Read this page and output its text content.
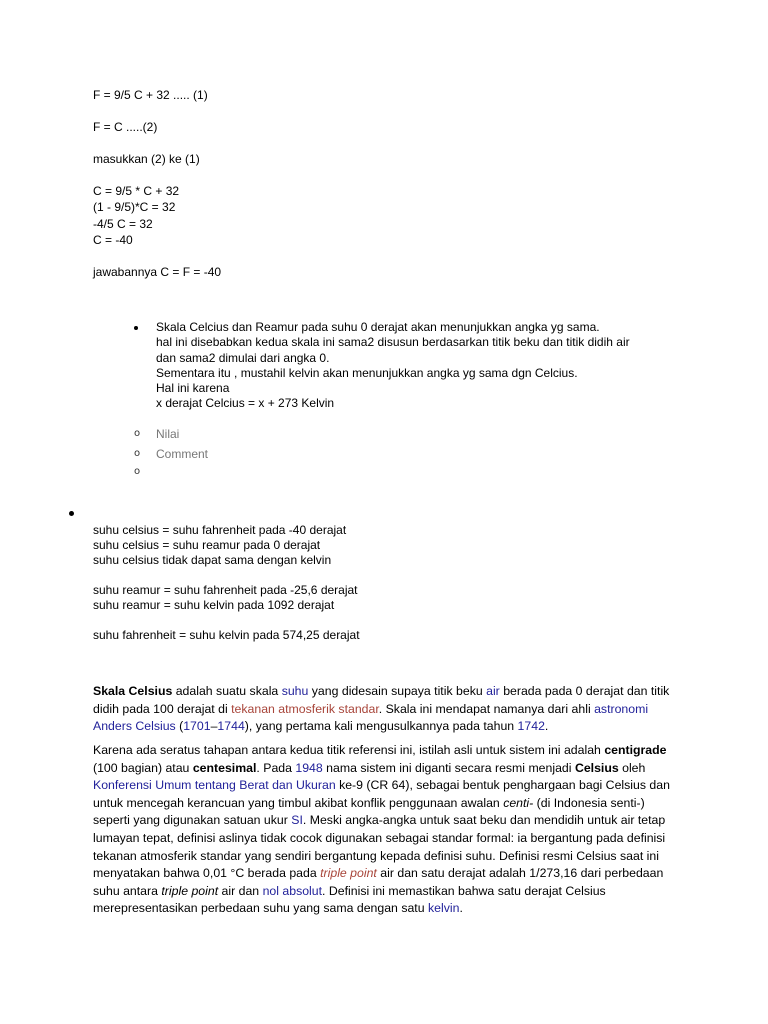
F = 9/5 C + 32 ..... (1)
F = C .....(2)
masukkan (2) ke (1)
C = 9/5 * C + 32
(1 - 9/5)*C = 32
-4/5 C = 32
C = -40
jawabannya C = F = -40
Skala Celcius dan Reamur pada suhu 0 derajat akan menunjukkan angka yg sama.
hal ini disebabkan kedua skala ini sama2 disusun berdasarkan titik beku dan titik didih air
dan sama2 dimulai dari angka 0.
Sementara itu , mustahil kelvin akan menunjukkan angka yg sama dgn Celcius.
Hal ini karena
x derajat Celcius = x + 273 Kelvin
o Nilai
o Comment
o
suhu celsius = suhu fahrenheit pada -40 derajat
suhu celsius = suhu reamur pada 0 derajat
suhu celsius tidak dapat sama dengan kelvin
suhu reamur = suhu fahrenheit pada -25,6 derajat
suhu reamur = suhu kelvin pada 1092 derajat
suhu fahrenheit = suhu kelvin pada 574,25 derajat
Skala Celsius adalah suatu skala suhu yang didesain supaya titik beku air berada pada 0 derajat dan titik didih pada 100 derajat di tekanan atmosferik standar. Skala ini mendapat namanya dari ahli astronomi Anders Celsius (1701–1744), yang pertama kali mengusulkannya pada tahun 1742.
Karena ada seratus tahapan antara kedua titik referensi ini, istilah asli untuk sistem ini adalah centigrade (100 bagian) atau centesimal. Pada 1948 nama sistem ini diganti secara resmi menjadi Celsius oleh Konferensi Umum tentang Berat dan Ukuran ke-9 (CR 64), sebagai bentuk penghargaan bagi Celsius dan untuk mencegah kerancuan yang timbul akibat konflik penggunaan awalan centi- (di Indonesia senti-) seperti yang digunakan satuan ukur SI. Meski angka-angka untuk saat beku dan mendidih untuk air tetap lumayan tepat, definisi aslinya tidak cocok digunakan sebagai standar formal: ia bergantung pada definisi tekanan atmosferik standar yang sendiri bergantung kepada definisi suhu. Definisi resmi Celsius saat ini menyatakan bahwa 0,01 °C berada pada triple point air dan satu derajat adalah 1/273,16 dari perbedaan suhu antara triple point air dan nol absolut. Definisi ini memastikan bahwa satu derajat Celsius merepresentasikan perbedaan suhu yang sama dengan satu kelvin.
